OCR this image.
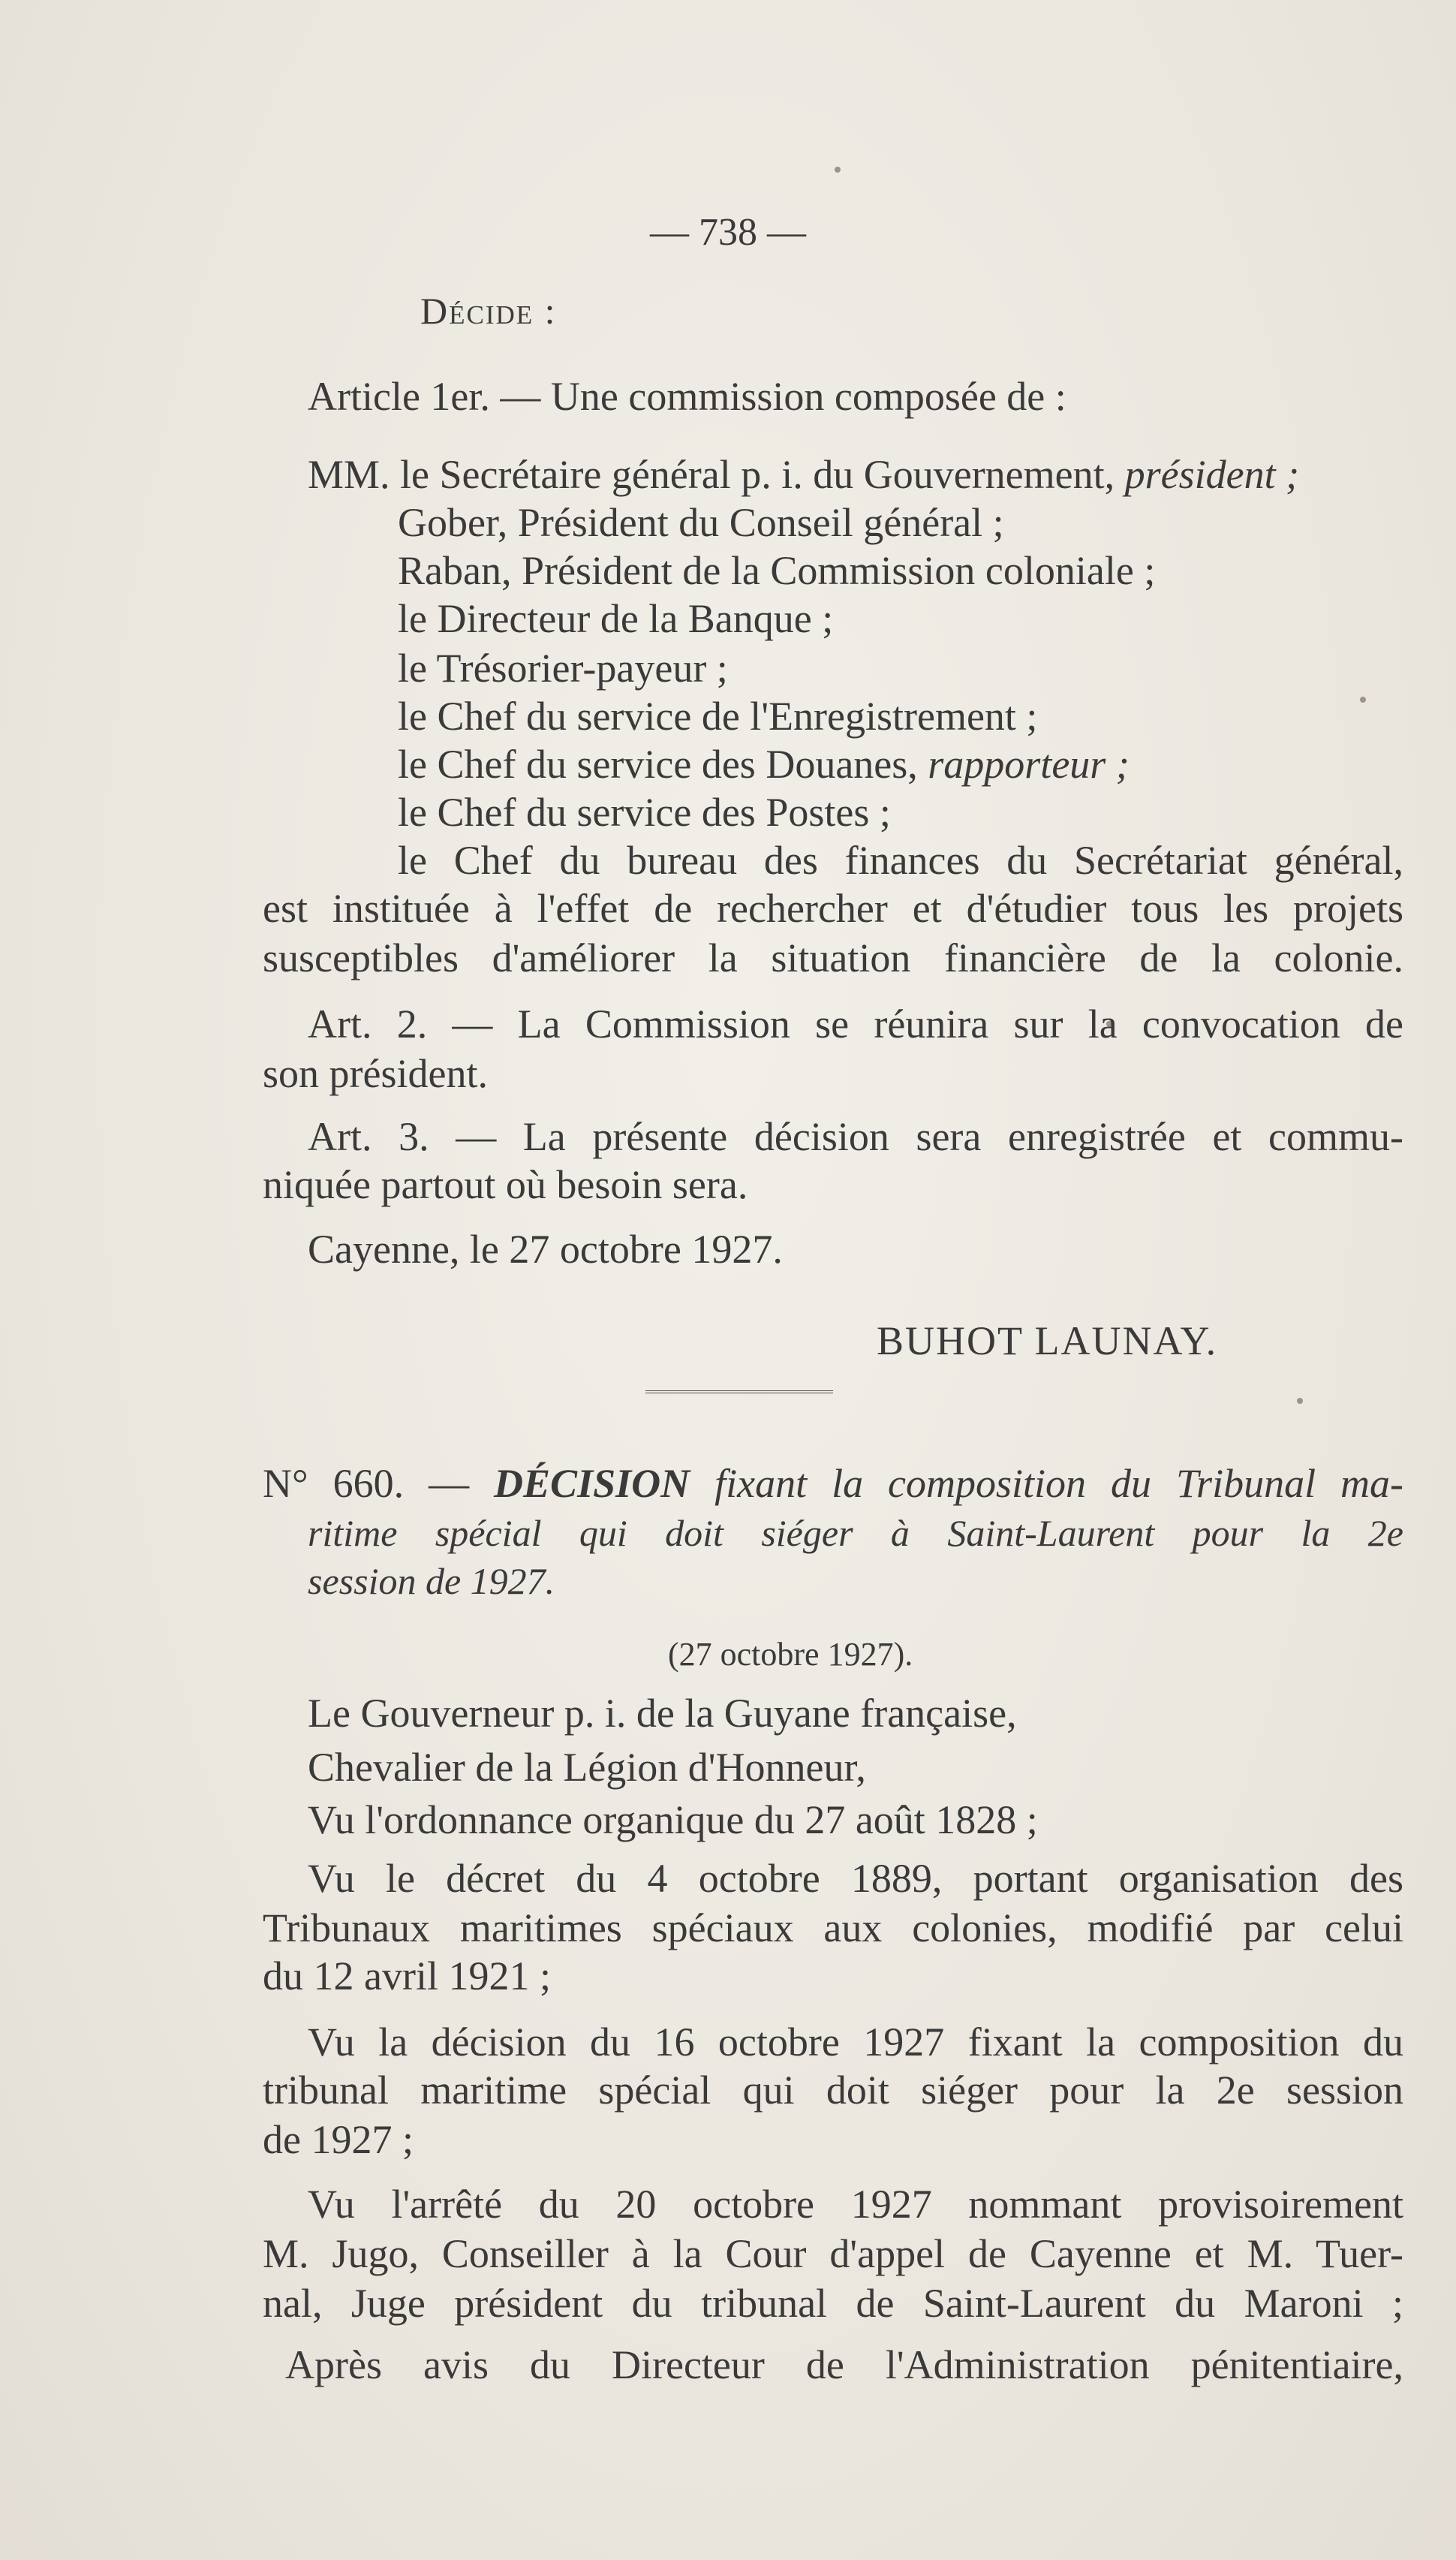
— 738 —
Décide :
Article 1er. — Une commission composée de :
MM. le Secrétaire général p. i. du Gouvernement, président ;
Gober, Président du Conseil général ;
Raban, Président de la Commission coloniale ;
le Directeur de la Banque ;
le Trésorier-payeur ;
le Chef du service de l'Enregistrement ;
le Chef du service des Douanes, rapporteur ;
le Chef du service des Postes ;
le Chef du bureau des finances du Secrétariat général,
est instituée à l'effet de rechercher et d'étudier tous les projets
susceptibles d'améliorer la situation financière de la colonie.
Art. 2. — La Commission se réunira sur la convocation de
son président.
Art. 3. — La présente décision sera enregistrée et commu-
niquée partout où besoin sera.
Cayenne, le 27 octobre 1927.
BUHOT LAUNAY.
N° 660. — DÉCISION fixant la composition du Tribunal ma-
ritime spécial qui doit siéger à Saint-Laurent pour la 2e
session de 1927.
(27 octobre 1927).
Le Gouverneur p. i. de la Guyane française,
Chevalier de la Légion d'Honneur,
Vu l'ordonnance organique du 27 août 1828 ;
Vu le décret du 4 octobre 1889, portant organisation des
Tribunaux maritimes spéciaux aux colonies, modifié par celui
du 12 avril 1921 ;
Vu la décision du 16 octobre 1927 fixant la composition du
tribunal maritime spécial qui doit siéger pour la 2e session
de 1927 ;
Vu l'arrêté du 20 octobre 1927 nommant provisoirement
M. Jugo, Conseiller à la Cour d'appel de Cayenne et M. Tuer-
nal, Juge président du tribunal de Saint-Laurent du Maroni ;
Après avis du Directeur de l'Administration pénitentiaire,
